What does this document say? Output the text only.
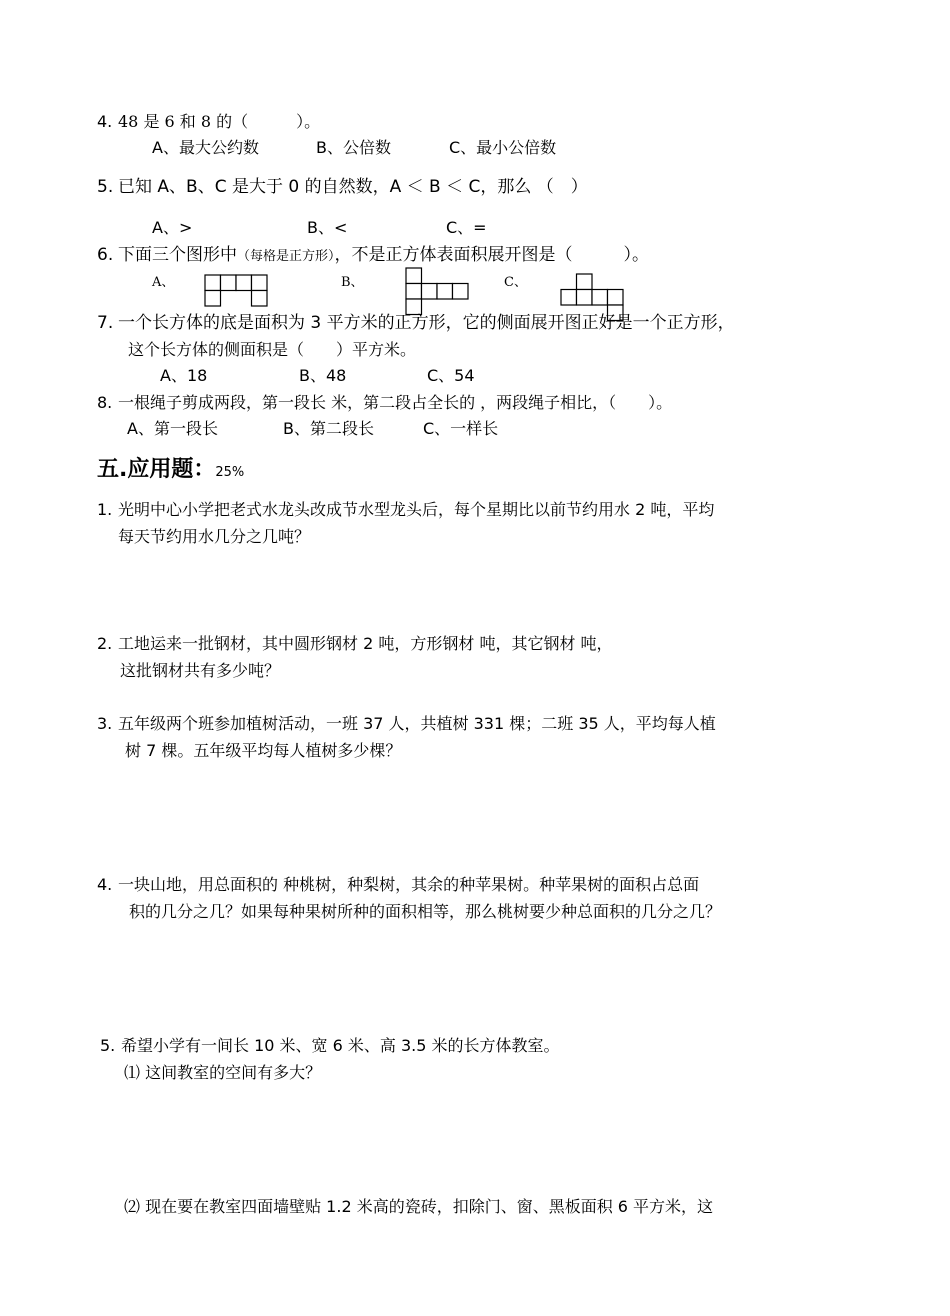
4. 48 是 6 和 8 的（　　　）。
A、最大公约数	B、公倍数	C、最小公倍数
5. 已知 A、B、C 是大于 0 的自然数，A ＜ B ＜ C，那么 （　）
A、>	B、<	C、=
6. 下面三个图形中（每格是正方形），不是正方体表面积展开图是（　　　）。
A、	B、	C、
7. 一个长方体的底是面积为 3 平方米的正方形，它的侧面展开图正好是一个正方形，
这个长方体的侧面积是（　　）平方米。
A、18	B、48	C、54
8. 一根绳子剪成两段，第一段长 米，第二段占全长的 ，两段绳子相比，（　　）。
A、第一段长	B、第二段长	C、一样长
五.应用题：25%
1. 光明中心小学把老式水龙头改成节水型龙头后，每个星期比以前节约用水 2 吨，平均
每天节约用水几分之几吨？
2. 工地运来一批钢材，其中圆形钢材 2 吨，方形钢材 吨，其它钢材 吨，
这批钢材共有多少吨？
3. 五年级两个班参加植树活动，一班 37 人，共植树 331 棵；二班 35 人，平均每人植
树 7 棵。五年级平均每人植树多少棵？
4. 一块山地，用总面积的 种桃树，种梨树，其余的种苹果树。种苹果树的面积占总面
积的几分之几？如果每种果树所种的面积相等，那么桃树要少种总面积的几分之几？
5. 希望小学有一间长 10 米、宽 6 米、高 3.5 米的长方体教室。
⑴ 这间教室的空间有多大？
⑵ 现在要在教室四面墙壁贴 1.2 米高的瓷砖，扣除门、窗、黑板面积 6 平方米，这
